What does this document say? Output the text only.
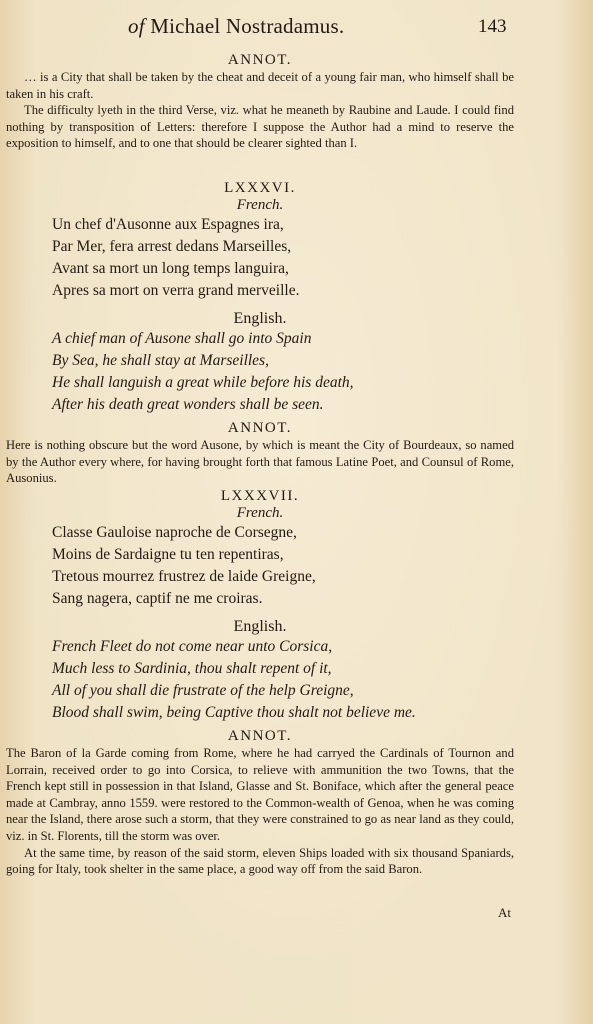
of Michael Nostradamus.	143

ANNOT.

… is a City that shall be taken by the cheat and deceit of a young fair man, who himself shall be taken in his craft.

The difficulty lyeth in the third Verse, viz. what he meaneth by Raubine and Laude. I could find nothing by transposition of Letters: therefore I suppose the Author had a mind to reserve the exposition to himself, and to one that should be clearer sighted than I.

LXXXVI.

French.

Un chef d'Ausonne aux Espagnes ira,
Par Mer, fera arrest dedans Marseilles,
Avant sa mort un long temps languira,
Apres sa mort on verra grand merveille.

English.

A chief man of Ausone shall go into Spain
By Sea, he shall stay at Marseilles,
He shall languish a great while before his death,
After his death great wonders shall be seen.

ANNOT.

Here is nothing obscure but the word Ausone, by which is meant the City of Bourdeaux, so named by the Author every where, for having brought forth that famous Latine Poet, and Counsul of Rome, Ausonius.

LXXXVII.

French.

Classe Gauloise naproche de Corsegne,
Moins de Sardaigne tu ten repentiras,
Tretous mourrez frustrez de laide Greigne,
Sang nagera, captif ne me croiras.

English.

French Fleet do not come near unto Corsica,
Much less to Sardinia, thou shalt repent of it,
All of you shall die frustrate of the help Greigne,
Blood shall swim, being Captive thou shalt not believe me.

ANNOT.

The Baron of la Garde coming from Rome, where he had carryed the Cardinals of Tournon and Lorrain, received order to go into Corsica, to relieve with ammunition the two Towns, that the French kept still in possession in that Island, Glasse and St. Boniface, which after the general peace made at Cambray, anno 1559. were restored to the Common-wealth of Genoa, when he was coming near the Island, there arose such a storm, that they were constrained to go as near land as they could, viz. in St. Florents, till the storm was over.

At the same time, by reason of the said storm, eleven Ships loaded with six thousand Spaniards, going for Italy, took shelter in the same place, a good way off from the said Baron.

At
